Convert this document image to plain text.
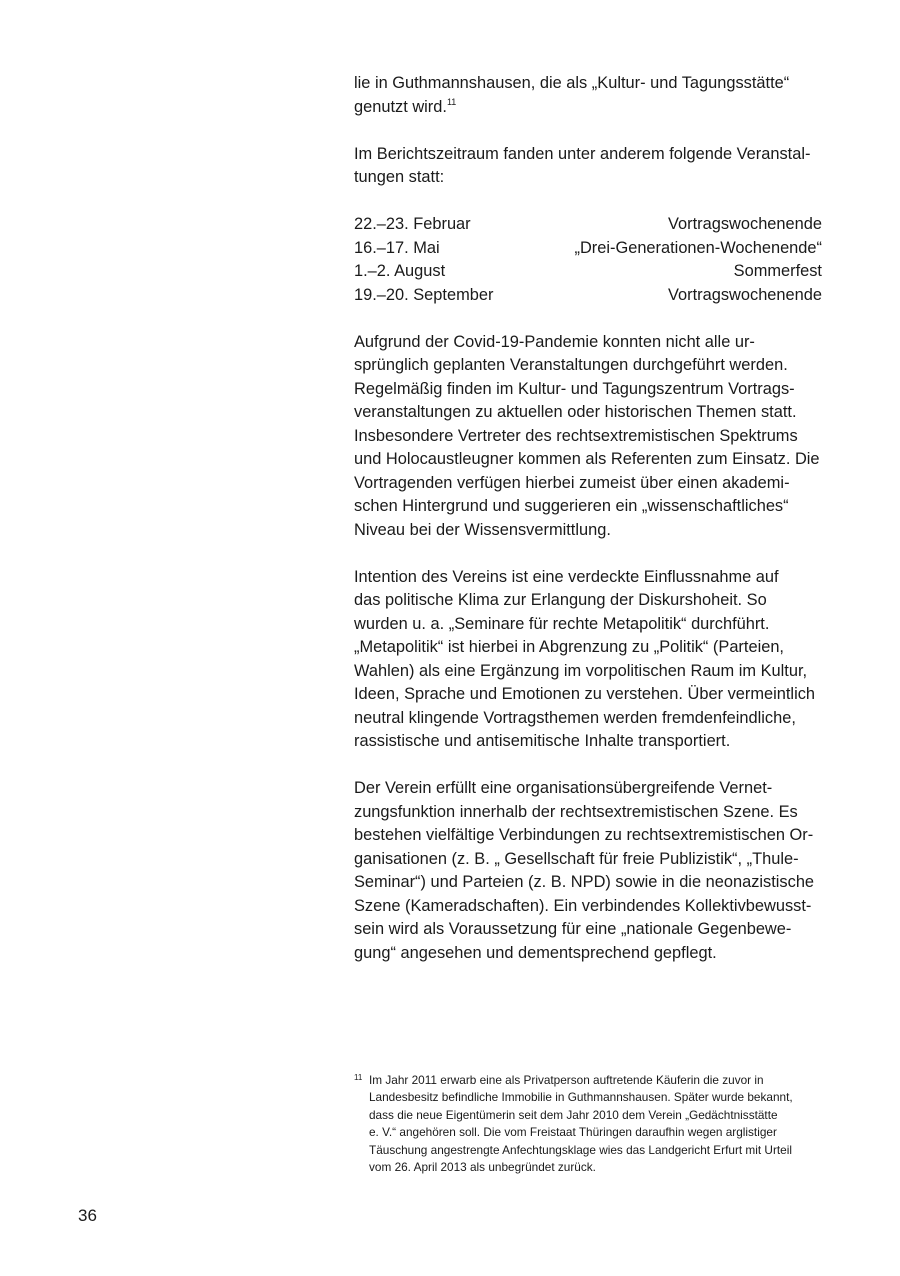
lie in Guthmannshausen, die als „Kultur- und Tagungsstätte“
genutzt wird.$^{11}$

Im Berichtszeitraum fanden unter anderem folgende Veranstal-
tungen statt:

22.–23. Februar	Vortragswochenende
16.–17. Mai	„Drei-Generationen-Wochenende“
1.–2. August	Sommerfest
19.–20. September	Vortragswochenende

Aufgrund der Covid-19-Pandemie konnten nicht alle ur-
sprünglich geplanten Veranstaltungen durchgeführt werden.
Regelmäßig finden im Kultur- und Tagungszentrum Vortrags-
veranstaltungen zu aktuellen oder historischen Themen statt.
Insbesondere Vertreter des rechtsextremistischen Spektrums
und Holocaustleugner kommen als Referenten zum Einsatz. Die
Vortragenden verfügen hierbei zumeist über einen akademi-
schen Hintergrund und suggerieren ein „wissenschaftliches“
Niveau bei der Wissensvermittlung.

Intention des Vereins ist eine verdeckte Einflussnahme auf
das politische Klima zur Erlangung der Diskurshoheit. So
wurden u. a. „Seminare für rechte Metapolitik“ durchführt.
„Metapolitik“ ist hierbei in Abgrenzung zu „Politik“ (Parteien,
Wahlen) als eine Ergänzung im vorpolitischen Raum im Kultur,
Ideen, Sprache und Emotionen zu verstehen. Über vermeintlich
neutral klingende Vortragsthemen werden fremdenfeindliche,
rassistische und antisemitische Inhalte transportiert.

Der Verein erfüllt eine organisationsübergreifende Vernet-
zungsfunktion innerhalb der rechtsextremistischen Szene. Es
bestehen vielfältige Verbindungen zu rechtsextremistischen Or-
ganisationen (z. B. „ Gesellschaft für freie Publizistik“, „Thule-
Seminar“) und Parteien (z. B. NPD) sowie in die neonazistische
Szene (Kameradschaften). Ein verbindendes Kollektivbewusst-
sein wird als Voraussetzung für eine „nationale Gegenbewe-
gung“ angesehen und dementsprechend gepflegt.

11 Im Jahr 2011 erwarb eine als Privatperson auftretende Käuferin die zuvor in
Landesbesitz befindliche Immobilie in Guthmannshausen. Später wurde bekannt,
dass die neue Eigentümerin seit dem Jahr 2010 dem Verein „Gedächtnisstätte
e. V.“ angehören soll. Die vom Freistaat Thüringen daraufhin wegen arglistiger
Täuschung angestrengte Anfechtungsklage wies das Landgericht Erfurt mit Urteil
vom 26. April 2013 als unbegründet zurück.
36
